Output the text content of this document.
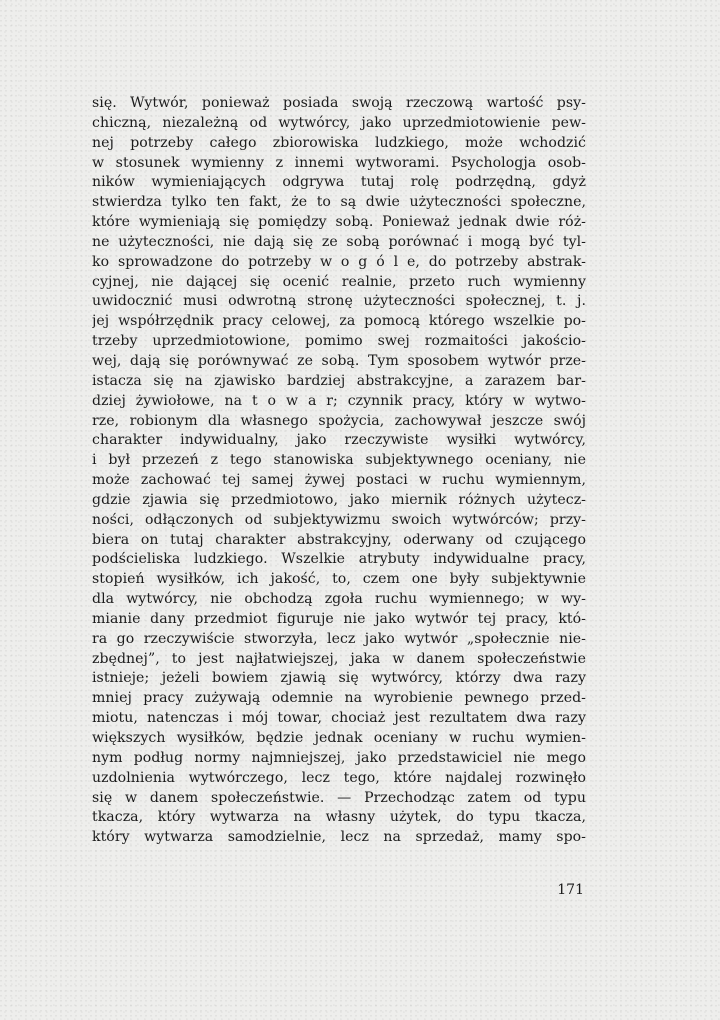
się. Wytwór, ponieważ posiada swoją rzeczową wartość psy-
chiczną, niezależną od wytwórcy, jako uprzedmiotowienie pew-
nej potrzeby całego zbiorowiska ludzkiego, może wchodzić
w stosunek wymienny z innemi wytworami. Psychologja osob-
ników wymieniających odgrywa tutaj rolę podrzędną, gdyż
stwierdza tylko ten fakt, że to są dwie użyteczności społeczne,
które wymieniają się pomiędzy sobą. Ponieważ jednak dwie róż-
ne użyteczności, nie dają się ze sobą porównać i mogą być tyl-
ko sprowadzone do potrzeby w o g ó l e, do potrzeby abstrak-
cyjnej, nie dającej się ocenić realnie, przeto ruch wymienny
uwidocznić musi odwrotną stronę użyteczności społecznej, t. j.
jej współrzędnik pracy celowej, za pomocą którego wszelkie po-
trzeby uprzedmiotowione, pomimo swej rozmaitości jakościo-
wej, dają się porównywać ze sobą. Tym sposobem wytwór prze-
istacza się na zjawisko bardziej abstrakcyjne, a zarazem bar-
dziej żywiołowe, na t o w a r; czynnik pracy, który w wytwo-
rze, robionym dla własnego spożycia, zachowywał jeszcze swój
charakter indywidualny, jako rzeczywiste wysiłki wytwórcy,
i był przezeń z tego stanowiska subjektywnego oceniany, nie
może zachować tej samej żywej postaci w ruchu wymiennym,
gdzie zjawia się przedmiotowo, jako miernik różnych użytecz-
ności, odłączonych od subjektywizmu swoich wytwórców; przy-
biera on tutaj charakter abstrakcyjny, oderwany od czującego
podścieliska ludzkiego. Wszelkie atrybuty indywidualne pracy,
stopień wysiłków, ich jakość, to, czem one były subjektywnie
dla wytwórcy, nie obchodzą zgoła ruchu wymiennego; w wy-
mianie dany przedmiot figuruje nie jako wytwór tej pracy, któ-
ra go rzeczywiście stworzyła, lecz jako wytwór „społecznie nie-
zbędnej”, to jest najłatwiejszej, jaka w danem społeczeństwie
istnieje; jeżeli bowiem zjawią się wytwórcy, którzy dwa razy
mniej pracy zużywają odemnie na wyrobienie pewnego przed-
miotu, natenczas i mój towar, chociaż jest rezultatem dwa razy
większych wysiłków, będzie jednak oceniany w ruchu wymien-
nym podług normy najmniejszej, jako przedstawiciel nie mego
uzdolnienia wytwórczego, lecz tego, które najdalej rozwinęło
się w danem społeczeństwie. — Przechodząc zatem od typu
tkacza, który wytwarza na własny użytek, do typu tkacza,
który wytwarza samodzielnie, lecz na sprzedaż, mamy spo-
171
